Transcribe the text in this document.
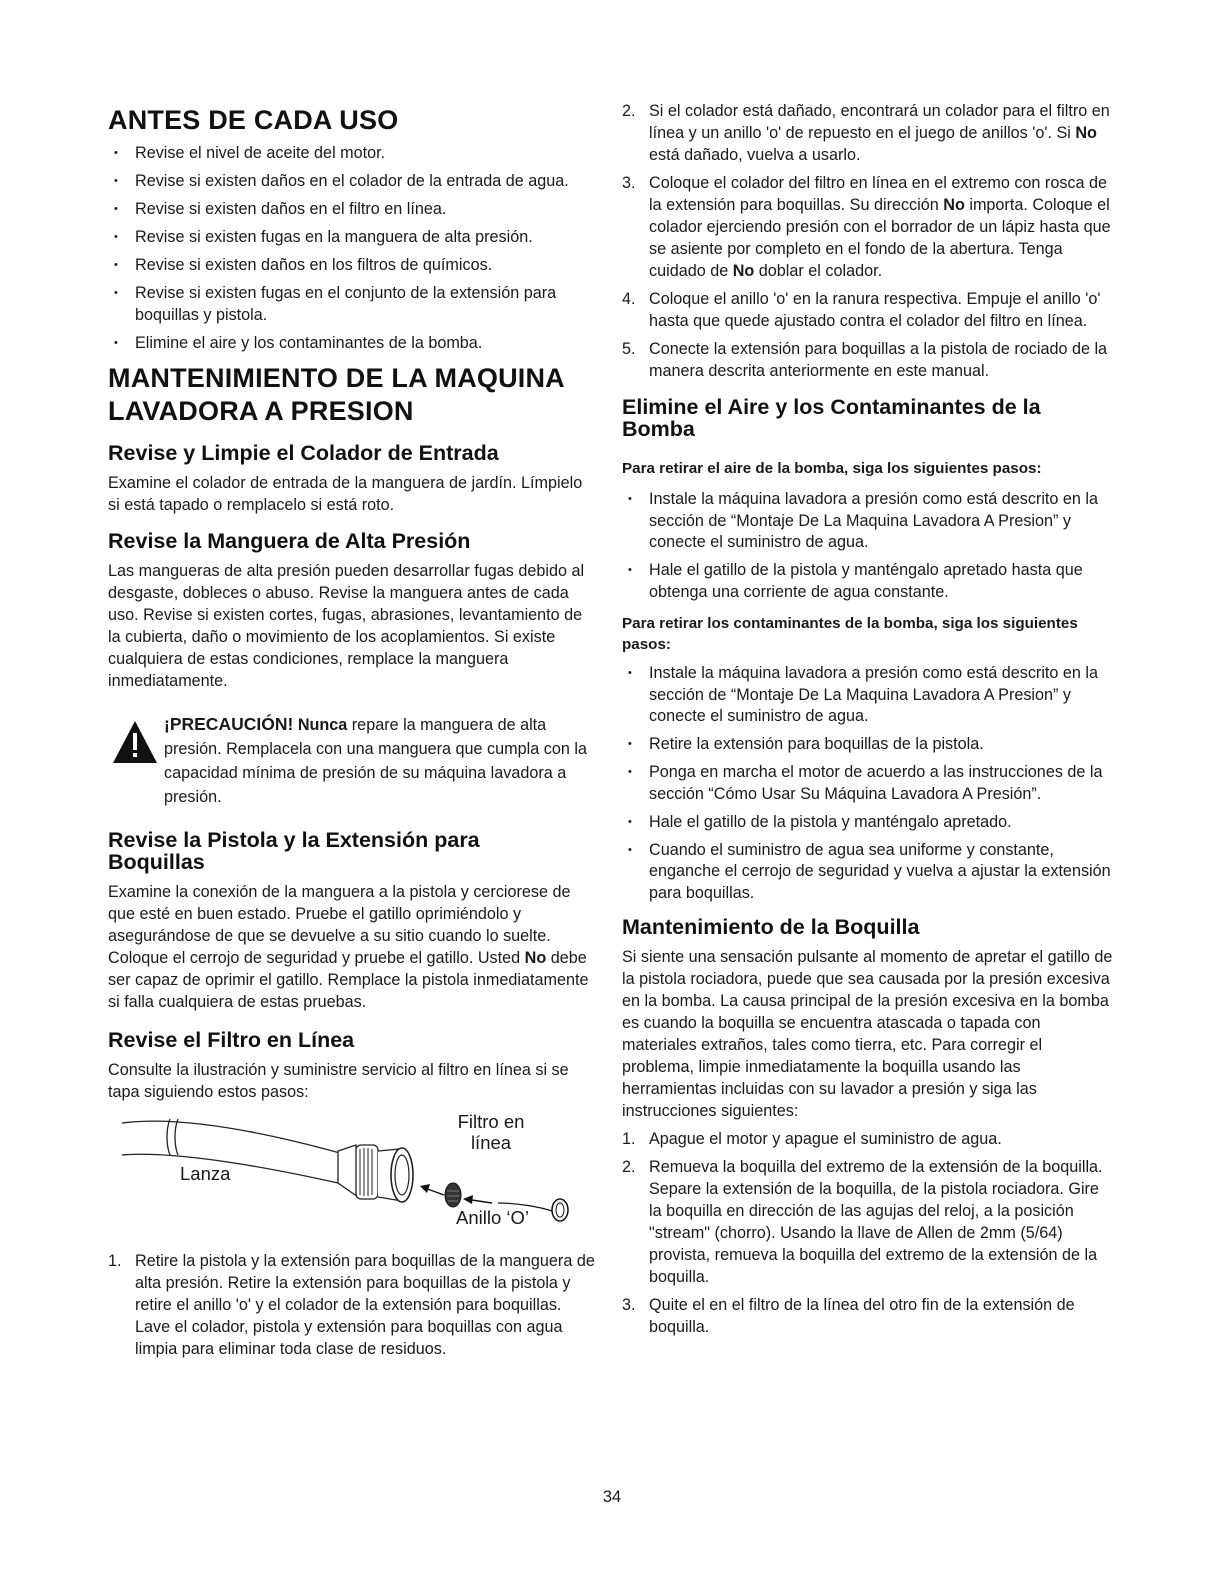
ANTES DE CADA USO
• Revise el nivel de aceite del motor.
• Revise si existen daños en el colador de la entrada de agua.
• Revise si existen daños en el filtro en línea.
• Revise si existen fugas en la manguera de alta presión.
• Revise si existen daños en los filtros de químicos.
• Revise si existen fugas en el conjunto de la extensión para boquillas y pistola.
• Elimine el aire y los contaminantes de la bomba.
MANTENIMIENTO DE LA MAQUINA LAVADORA A PRESION
Revise y Limpie el Colador de Entrada
Examine el colador de entrada de la manguera de jardín. Límpielo si está tapado o remplacelo si está roto.
Revise la Manguera de Alta Presión
Las mangueras de alta presión pueden desarrollar fugas debido al desgaste, dobleces o abuso. Revise la manguera antes de cada uso. Revise si existen cortes, fugas, abrasiones, levantamiento de la cubierta, daño o movimiento de los acoplamientos. Si existe cualquiera de estas condiciones, remplace la manguera inmediatamente.
¡PRECAUCIÓN! Nunca repare la manguera de alta presión. Remplacela con una manguera que cumpla con la capacidad mínima de presión de su máquina lavadora a presión.
Revise la Pistola y la Extensión para Boquillas
Examine la conexión de la manguera a la pistola y cerciorese de que esté en buen estado. Pruebe el gatillo oprimiéndolo y asegurándose de que se devuelve a su sitio cuando lo suelte. Coloque el cerrojo de seguridad y pruebe el gatillo. Usted No debe ser capaz de oprimir el gatillo. Remplace la pistola inmediatamente si falla cualquiera de estas pruebas.
Revise el Filtro en Línea
Consulte la ilustración y suministre servicio al filtro en línea si se tapa siguiendo estos pasos:
Filtro en línea
Lanza
Anillo ‘O’
1. Retire la pistola y la extensión para boquillas de la manguera de alta presión. Retire la extensión para boquillas de la pistola y retire el anillo 'o' y el colador de la extensión para boquillas. Lave el colador, pistola y extensión para boquillas con agua limpia para eliminar toda clase de residuos.
2. Si el colador está dañado, encontrará un colador para el filtro en línea y un anillo 'o' de repuesto en el juego de anillos 'o'. Si No está dañado, vuelva a usarlo.
3. Coloque el colador del filtro en línea en el extremo con rosca de la extensión para boquillas. Su dirección No importa. Coloque el colador ejerciendo presión con el borrador de un lápiz hasta que se asiente por completo en el fondo de la abertura. Tenga cuidado de No doblar el colador.
4. Coloque el anillo 'o' en la ranura respectiva. Empuje el anillo 'o' hasta que quede ajustado contra el colador del filtro en línea.
5. Conecte la extensión para boquillas a la pistola de rociado de la manera descrita anteriormente en este manual.
Elimine el Aire y los Contaminantes de la Bomba
Para retirar el aire de la bomba, siga los siguientes pasos:
• Instale la máquina lavadora a presión como está descrito en la sección de “Montaje De La Maquina Lavadora A Presion” y conecte el suministro de agua.
• Hale el gatillo de la pistola y manténgalo apretado hasta que obtenga una corriente de agua constante.
Para retirar los contaminantes de la bomba, siga los siguientes pasos:
• Instale la máquina lavadora a presión como está descrito en la sección de “Montaje De La Maquina Lavadora A Presion” y conecte el suministro de agua.
• Retire la extensión para boquillas de la pistola.
• Ponga en marcha el motor de acuerdo a las instrucciones de la sección “Cómo Usar Su Máquina Lavadora A Presión”.
• Hale el gatillo de la pistola y manténgalo apretado.
• Cuando el suministro de agua sea uniforme y constante, enganche el cerrojo de seguridad y vuelva a ajustar la extensión para boquillas.
Mantenimiento de la Boquilla
Si siente una sensación pulsante al momento de apretar el gatillo de la pistola rociadora, puede que sea causada por la presión excesiva en la bomba. La causa principal de la presión excesiva en la bomba es cuando la boquilla se encuentra atascada o tapada con materiales extraños, tales como tierra, etc. Para corregir el problema, limpie inmediatamente la boquilla usando las herramientas incluidas con su lavador a presión y siga las instrucciones siguientes:
1. Apague el motor y apague el suministro de agua.
2. Remueva la boquilla del extremo de la extensión de la boquilla. Separe la extensión de la boquilla, de la pistola rociadora. Gire la boquilla en dirección de las agujas del reloj, a la posición "stream" (chorro). Usando la llave de Allen de 2mm (5/64) provista, remueva la boquilla del extremo de la extensión de la boquilla.
3. Quite el en el filtro de la línea del otro fin de la extensión de boquilla.
34
